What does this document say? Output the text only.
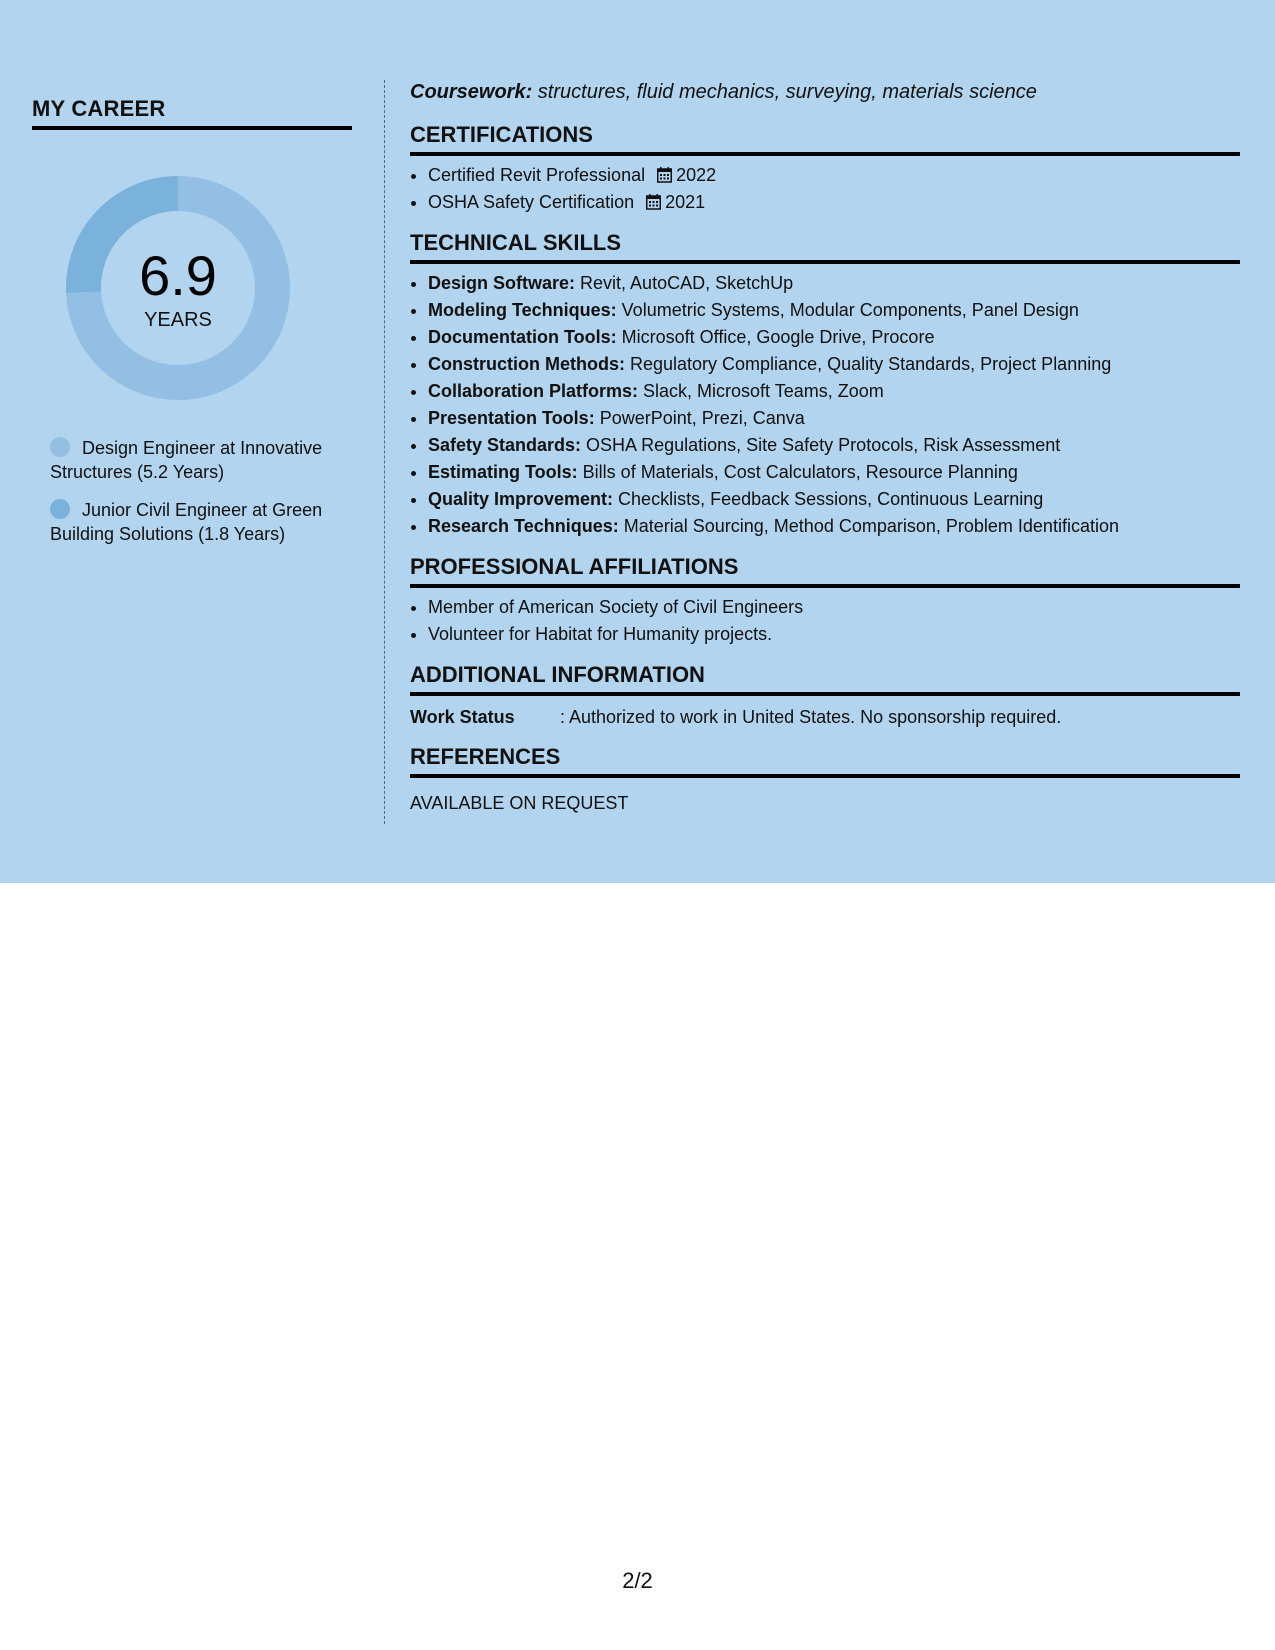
MY CAREER
6.9
YEARS
Design Engineer at Innovative Structures (5.2 Years)
Junior Civil Engineer at Green Building Solutions (1.8 Years)

Coursework: structures, fluid mechanics, surveying, materials science

CERTIFICATIONS
• Certified Revit Professional 2022
• OSHA Safety Certification 2021
TECHNICAL SKILLS
• Design Software: Revit, AutoCAD, SketchUp
• Modeling Techniques: Volumetric Systems, Modular Components, Panel Design
• Documentation Tools: Microsoft Office, Google Drive, Procore
• Construction Methods: Regulatory Compliance, Quality Standards, Project Planning
• Collaboration Platforms: Slack, Microsoft Teams, Zoom
• Presentation Tools: PowerPoint, Prezi, Canva
• Safety Standards: OSHA Regulations, Site Safety Protocols, Risk Assessment
• Estimating Tools: Bills of Materials, Cost Calculators, Resource Planning
• Quality Improvement: Checklists, Feedback Sessions, Continuous Learning
• Research Techniques: Material Sourcing, Method Comparison, Problem Identification
PROFESSIONAL AFFILIATIONS
• Member of American Society of Civil Engineers
• Volunteer for Habitat for Humanity projects.
ADDITIONAL INFORMATION
Work Status	: Authorized to work in United States. No sponsorship required.
REFERENCES

AVAILABLE ON REQUEST

2/2
